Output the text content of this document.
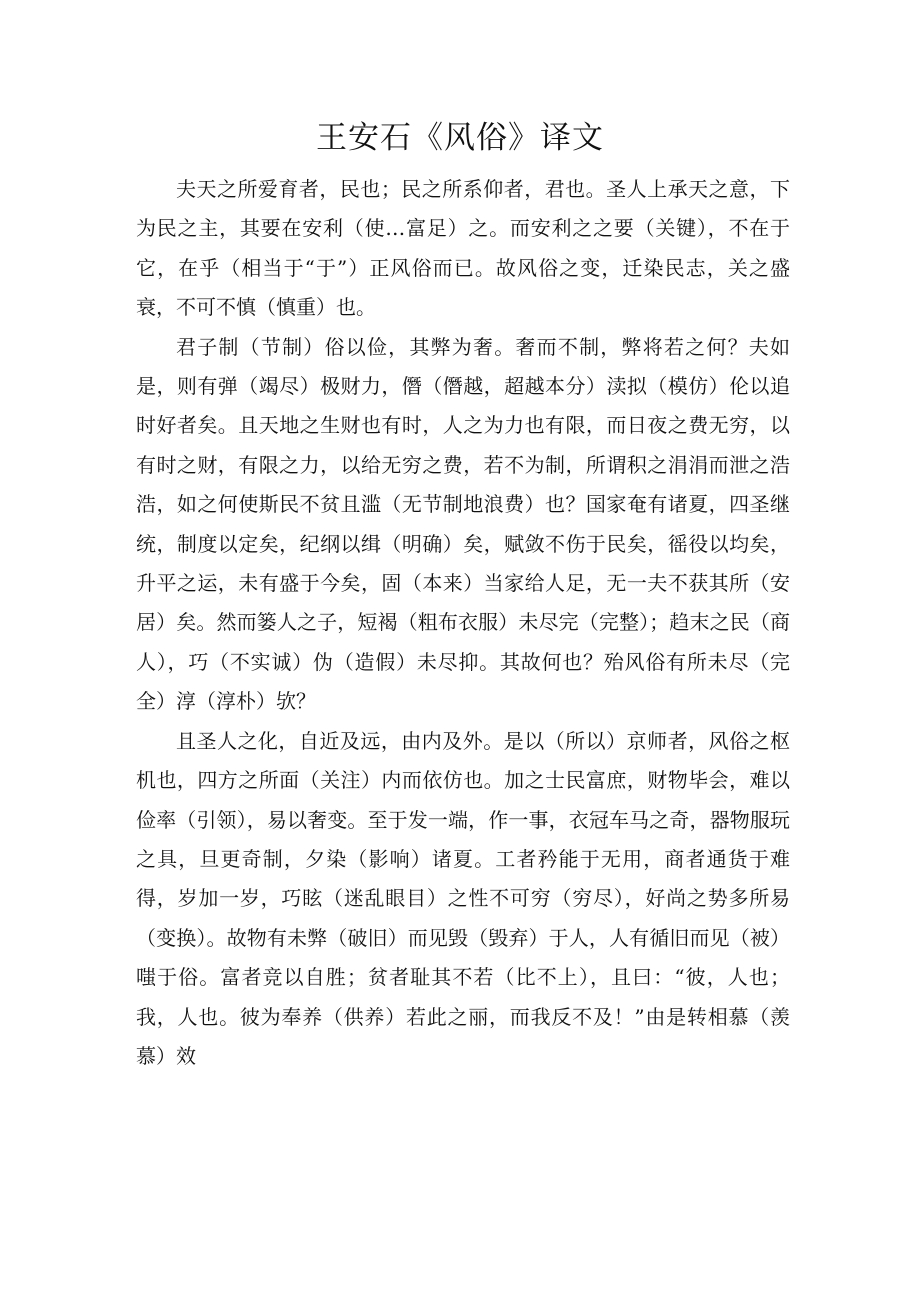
王安石《风俗》译文

夫天之所爱育者，民也；民之所系仰者，君也。圣人上承天之意，下为民之主，其要在安利（使…富足）之。而安利之之要（关键），不在于它，在乎（相当于“于”）正风俗而已。故风俗之变，迁染民志，关之盛衰，不可不慎（慎重）也。

君子制（节制）俗以俭，其弊为奢。奢而不制，弊将若之何？夫如是，则有弹（竭尽）极财力，僭（僭越，超越本分）渎拟（模仿）伦以追时好者矣。且天地之生财也有时，人之为力也有限，而日夜之费无穷，以有时之财，有限之力，以给无穷之费，若不为制，所谓积之涓涓而泄之浩浩，如之何使斯民不贫且滥（无节制地浪费）也？国家奄有诸夏，四圣继统，制度以定矣，纪纲以缉（明确）矣，赋敛不伤于民矣，徭役以均矣，升平之运，未有盛于今矣，固（本来）当家给人足，无一夫不获其所（安居）矣。然而篓人之子，短褐（粗布衣服）未尽完（完整）；趋末之民（商人），巧（不实诚）伪（造假）未尽抑。其故何也？殆风俗有所未尽（完全）淳（淳朴）欤？

且圣人之化，自近及远，由内及外。是以（所以）京师者，风俗之枢机也，四方之所面（关注）内而依仿也。加之士民富庶，财物毕会，难以俭率（引领），易以奢变。至于发一端，作一事，衣冠车马之奇，器物服玩之具，旦更奇制，夕染（影响）诸夏。工者矜能于无用，商者通货于难得，岁加一岁，巧眩（迷乱眼目）之性不可穷（穷尽），好尚之势多所易（变换）。故物有未弊（破旧）而见毁（毁弃）于人，人有循旧而见（被）嗤于俗。富者竞以自胜；贫者耻其不若（比不上），且曰：“彼，人也；我，人也。彼为奉养（供养）若此之丽，而我反不及！”由是转相慕（羡慕）效
